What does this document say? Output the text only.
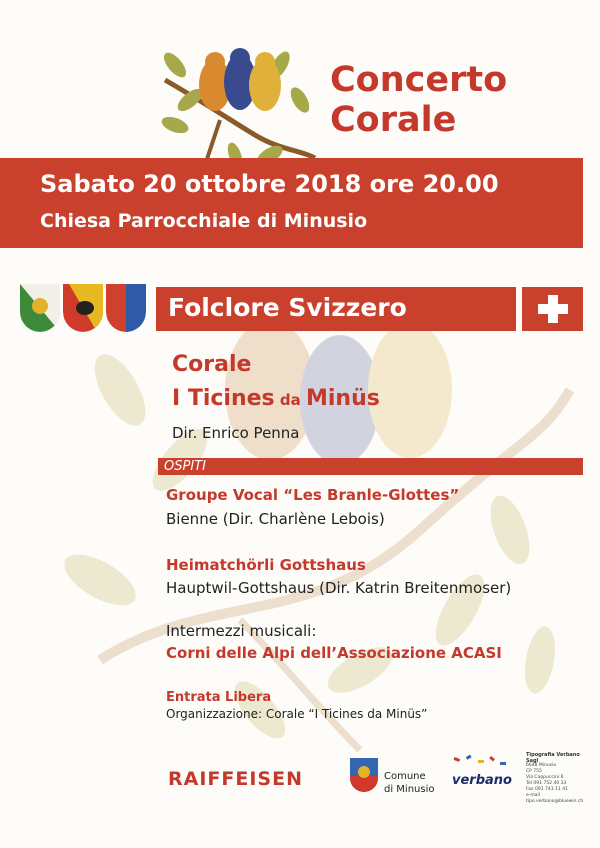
Concerto
Corale
Sabato 20 ottobre 2018 ore 20.00
Chiesa Parrocchiale di Minusio
Folclore Svizzero
Corale
I Ticines da Minüs
Dir. Enrico Penna
OSPITI
Groupe Vocal “Les Branle-Glottes”
Bienne (Dir. Charlène Lebois)
Heimatchörli Gottshaus
Hauptwil-Gottshaus (Dir. Katrin Breitenmoser)
Intermezzi musicali:
Corni delle Alpi dell’Associazione ACASI
Entrata Libera
Organizzazione: Corale “I Ticines da Minüs”
RAIFFEISEN	Comune
di Minusio
verbano
Tipografia Verbano Sagl
6648 Minusio
CP 755
Via Cappuccini 6
Tel 091 752 40 33
Fax 091 743 11 41
e-mail
tipo.verbano@bluewin.ch
